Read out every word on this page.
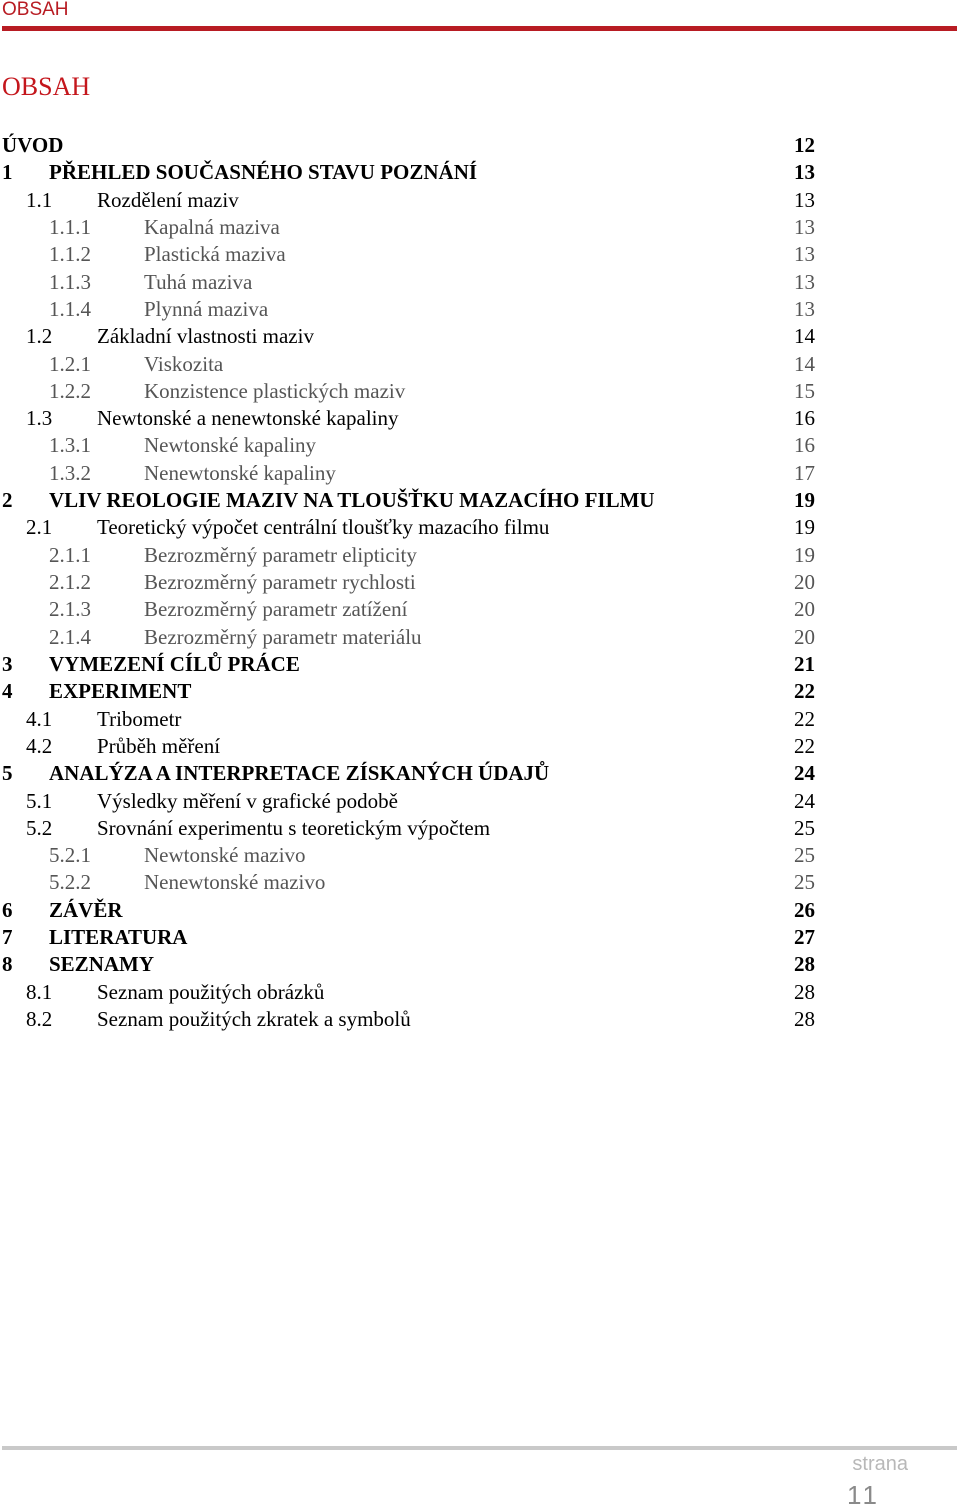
OBSAH
OBSAH
ÚVOD	12
1 PŘEHLED SOUČASNÉHO STAVU POZNÁNÍ	13
1.1 Rozdělení maziv	13
1.1.1	Kapalná maziva	13
1.1.2	Plastická maziva	13
1.1.3	Tuhá maziva	13
1.1.4	Plynná maziva	13
1.2 Základní vlastnosti maziv	14
1.2.1	Viskozita	14
1.2.2	Konzistence plastických maziv	15
1.3 Newtonské a nenewtonské kapaliny	16
1.3.1	Newtonské kapaliny	16
1.3.2	Nenewtonské kapaliny	17
2 VLIV REOLOGIE MAZIV NA TLOUŠŤKU MAZACÍHO FILMU	19
2.1 Teoretický výpočet centrální tloušťky mazacího filmu	19
2.1.1	Bezrozměrný parametr elipticity	19
2.1.2	Bezrozměrný parametr rychlosti	20
2.1.3	Bezrozměrný parametr zatížení	20
2.1.4	Bezrozměrný parametr materiálu	20
3 VYMEZENÍ CÍLŮ PRÁCE	21
4 EXPERIMENT	22
4.1 Tribometr	22
4.2 Průběh měření	22
5 ANALÝZA A INTERPRETACE ZÍSKANÝCH ÚDAJŮ	24
5.1 Výsledky měření v grafické podobě	24
5.2 Srovnání experimentu s teoretickým výpočtem	25
5.2.1	Newtonské mazivo	25
5.2.2	Nenewtonské mazivo	25
6 ZÁVĚR	26
7 LITERATURA	27
8 SEZNAMY	28
8.1 Seznam použitých obrázků	28
8.2 Seznam použitých zkratek a symbolů	28
strana
11
